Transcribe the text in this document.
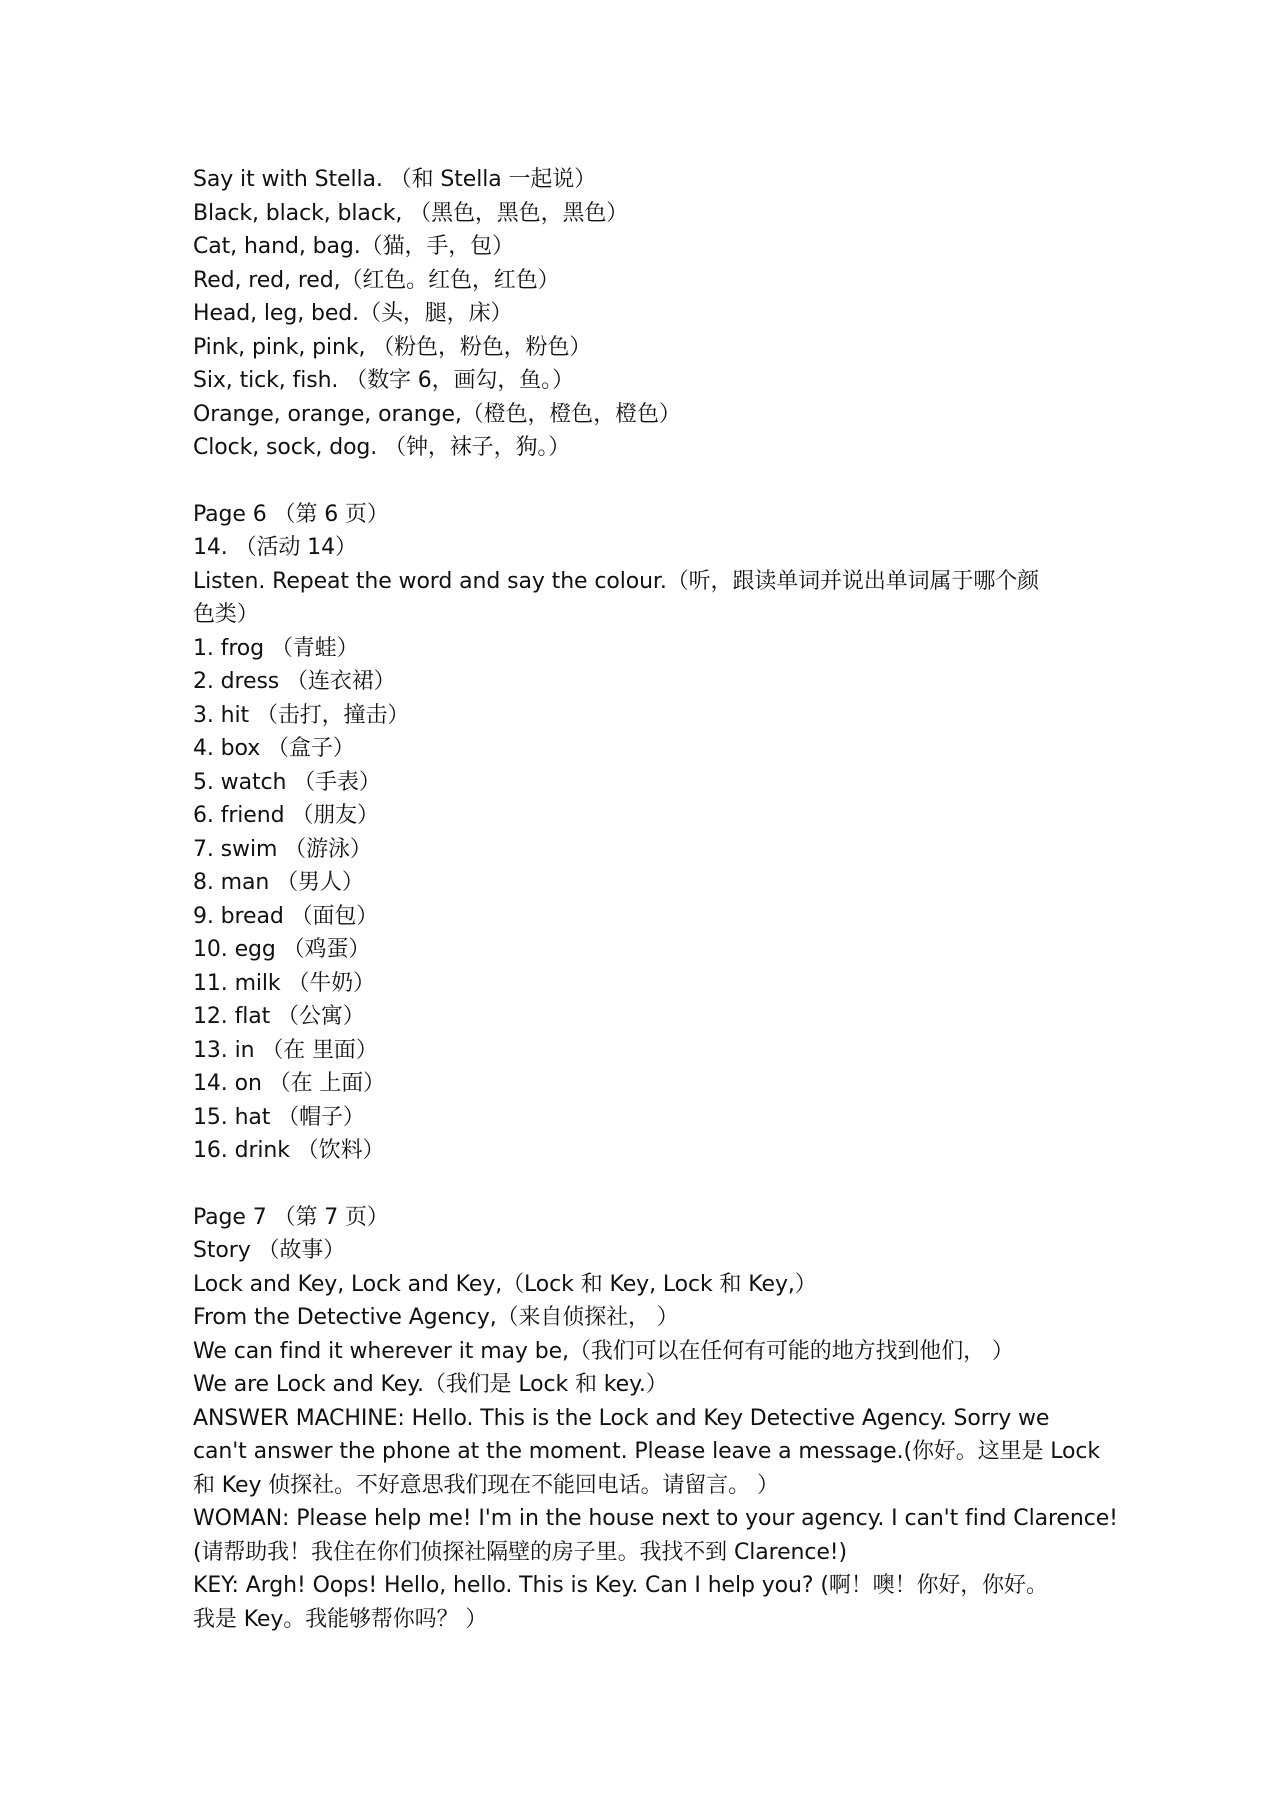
Say it with Stella. （和 Stella 一起说）
Black, black, black, （黑色，黑色，黑色）
Cat, hand, bag.（猫，手，包）
Red, red, red,（红色。红色，红色）
Head, leg, bed.（头，腿，床）
Pink, pink, pink, （粉色，粉色，粉色）
Six, tick, fish. （数字 6，画勾，鱼。）
Orange, orange, orange,（橙色，橙色，橙色）
Clock, sock, dog. （钟，袜子，狗。）
Page 6 （第 6 页）
14. （活动 14）
Listen. Repeat the word and say the colour.（听，跟读单词并说出单词属于哪个颜
色类）
1. frog （青蛙）
2. dress （连衣裙）
3. hit （击打，撞击）
4. box （盒子）
5. watch （手表）
6. friend （朋友）
7. swim （游泳）
8. man （男人）
9. bread （面包）
10. egg （鸡蛋）
11. milk （牛奶）
12. flat （公寓）
13. in （在 里面）
14. on （在 上面）
15. hat （帽子）
16. drink （饮料）
Page 7 （第 7 页）
Story （故事）
Lock and Key, Lock and Key,（Lock 和 Key, Lock 和 Key,）
From the Detective Agency,（来自侦探社， ）
We can find it wherever it may be,（我们可以在任何有可能的地方找到他们， ）
We are Lock and Key.（我们是 Lock 和 key.）
ANSWER MACHINE: Hello. This is the Lock and Key Detective Agency. Sorry we
can't answer the phone at the moment. Please leave a message.(你好。这里是 Lock
和 Key 侦探社。不好意思我们现在不能回电话。请留言。 ）
WOMAN: Please help me! I'm in the house next to your agency. I can't find Clarence!
(请帮助我！我住在你们侦探社隔壁的房子里。我找不到 Clarence!)
KEY: Argh! Oops! Hello, hello. This is Key. Can I help you? (啊！噢！你好，你好。
我是 Key。我能够帮你吗？ ）
